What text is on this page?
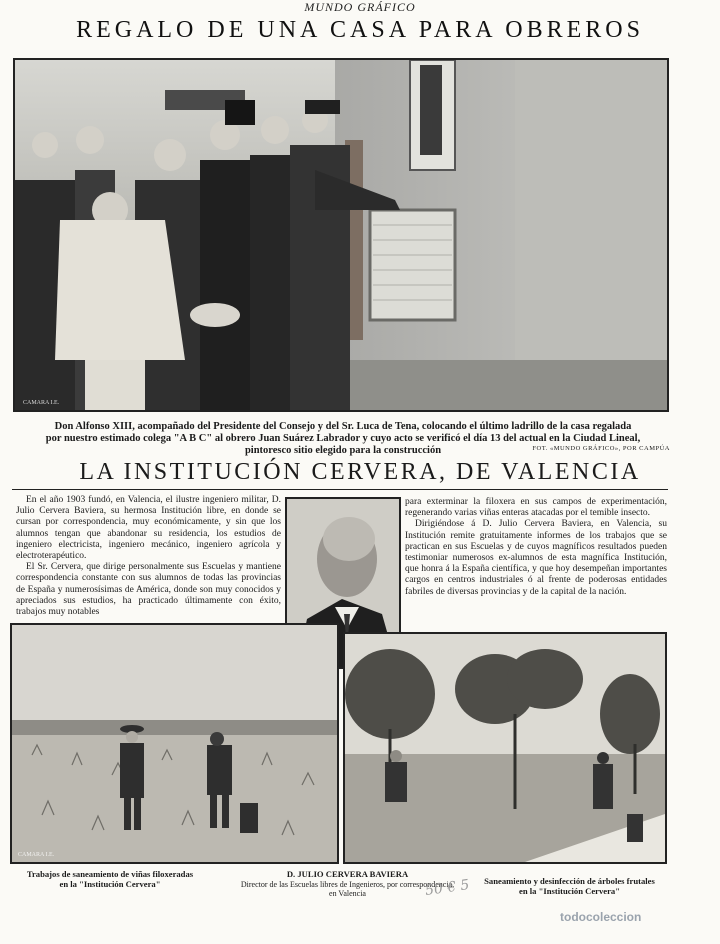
MUNDO GRÁFICO
REGALO DE UNA CASA PARA OBREROS
CAMARA I.E.
Don Alfonso XIII, acompañado del Presidente del Consejo y del Sr. Luca de Tena, colocando el último ladrillo de la casa regalada
por nuestro estimado colega "A B C" al obrero Juan Suárez Labrador y cuyo acto se verificó el día 13 del actual en la Ciudad Lineal,
pintoresco sitio elegido para la construcción	FOT. «MUNDO GRÁFICO», POR CAMPÚA
LA INSTITUCIÓN CERVERA, DE VALENCIA

En el año 1903 fundó, en Valencia, el ilustre ingeniero militar, D. Julio Cervera Baviera, su hermosa Institución libre, en donde se cursan por correspondencia, muy económicamente, y sin que los alumnos tengan que abandonar su residencia, los estudios de ingeniero electricista, ingeniero mecánico, ingeniero agrícola y electroterapéutico.

El Sr. Cervera, que dirige personalmente sus Escuelas y mantiene correspondencia constante con sus alumnos de todas las provincias de España y numerosísimas de América, donde son muy conocidos y apreciados sus estudios, ha practicado últimamente con éxito, trabajos muy notables

para exterminar la filoxera en sus campos de experimentación, regenerando varias viñas enteras atacadas por el temible insecto.

Dirigiéndose á D. Julio Cervera Baviera, en Valencia, su Institución remite gratuitamente informes de los trabajos que se practican en sus Escuelas y de cuyos magníficos resultados pueden testimoniar numerosos ex-alumnos de esta magnífica Institución, que honra á la España científica, y que hoy desempeñan importantes cargos en centros industriales ó al frente de poderosas entidades fabriles de diversas provincias y de la capital de la nación.

CAMARA I.E.
Trabajos de saneamiento de viñas filoxeradas
en la "Institución Cervera"
D. JULIO CERVERA BAVIERA
Director de las Escuelas libres de Ingenieros, por correspondencia,
en Valencia
Saneamiento y desinfección de árboles frutales
en la "Institución Cervera"
50 € 5
todocoleccion
